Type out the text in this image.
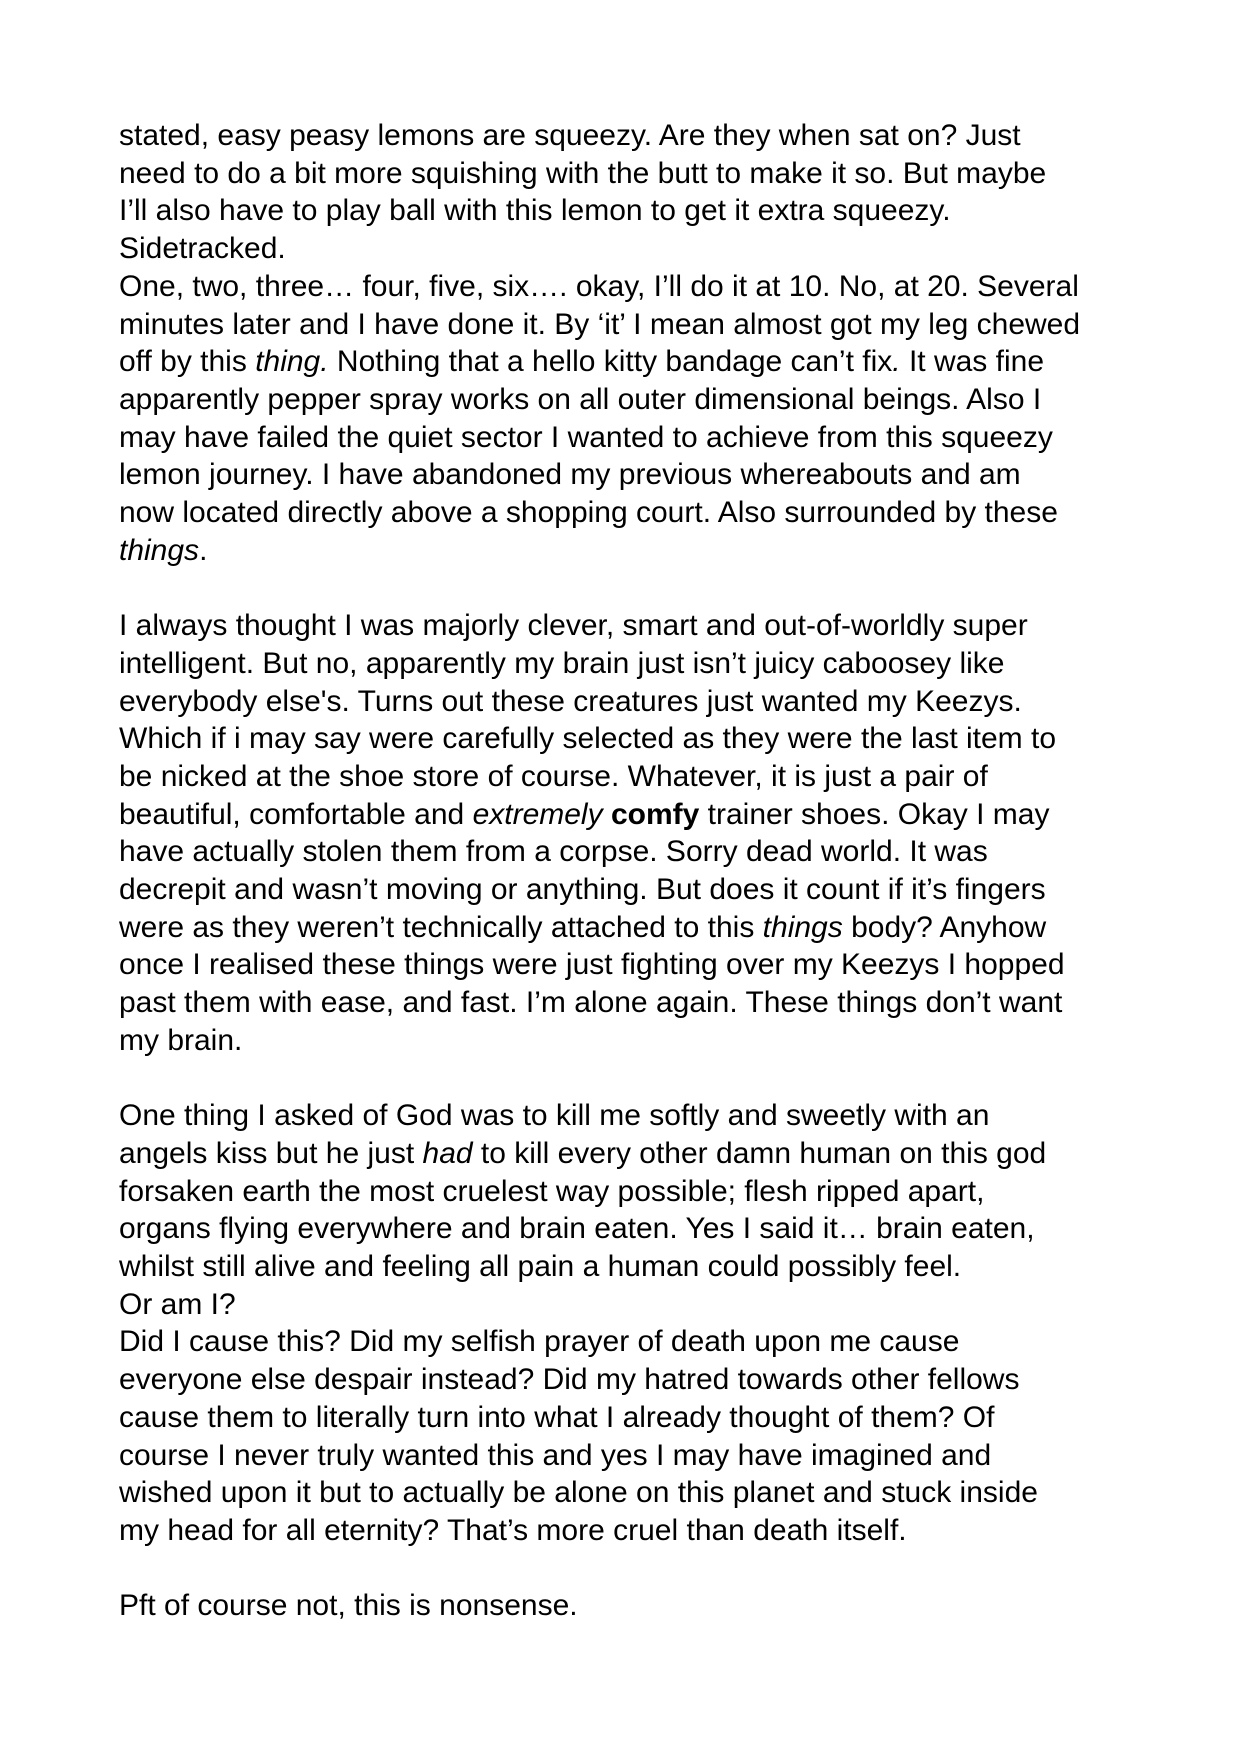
stated, easy peasy lemons are squeezy. Are they when sat on? Just
need to do a bit more squishing with the butt to make it so. But maybe
I’ll also have to play ball with this lemon to get it extra squeezy.
Sidetracked.
One, two, three… four, five, six…. okay, I’ll do it at 10. No, at 20. Several
minutes later and I have done it. By ‘it’ I mean almost got my leg chewed
off by this thing. Nothing that a hello kitty bandage can’t fix. It was fine
apparently pepper spray works on all outer dimensional beings. Also I
may have failed the quiet sector I wanted to achieve from this squeezy
lemon journey. I have abandoned my previous whereabouts and am
now located directly above a shopping court. Also surrounded by these
things.
I always thought I was majorly clever, smart and out-of-worldly super
intelligent. But no, apparently my brain just isn’t juicy caboosey like
everybody else's. Turns out these creatures just wanted my Keezys.
Which if i may say were carefully selected as they were the last item to
be nicked at the shoe store of course. Whatever, it is just a pair of
beautiful, comfortable and extremely comfy trainer shoes. Okay I may
have actually stolen them from a corpse. Sorry dead world. It was
decrepit and wasn’t moving or anything. But does it count if it’s fingers
were as they weren’t technically attached to this things body? Anyhow
once I realised these things were just fighting over my Keezys I hopped
past them with ease, and fast. I’m alone again. These things don’t want
my brain.
One thing I asked of God was to kill me softly and sweetly with an
angels kiss but he just had to kill every other damn human on this god
forsaken earth the most cruelest way possible; flesh ripped apart,
organs flying everywhere and brain eaten. Yes I said it… brain eaten,
whilst still alive and feeling all pain a human could possibly feel.
Or am I?
Did I cause this? Did my selfish prayer of death upon me cause
everyone else despair instead? Did my hatred towards other fellows
cause them to literally turn into what I already thought of them? Of
course I never truly wanted this and yes I may have imagined and
wished upon it but to actually be alone on this planet and stuck inside
my head for all eternity? That’s more cruel than death itself.
Pft of course not, this is nonsense.
